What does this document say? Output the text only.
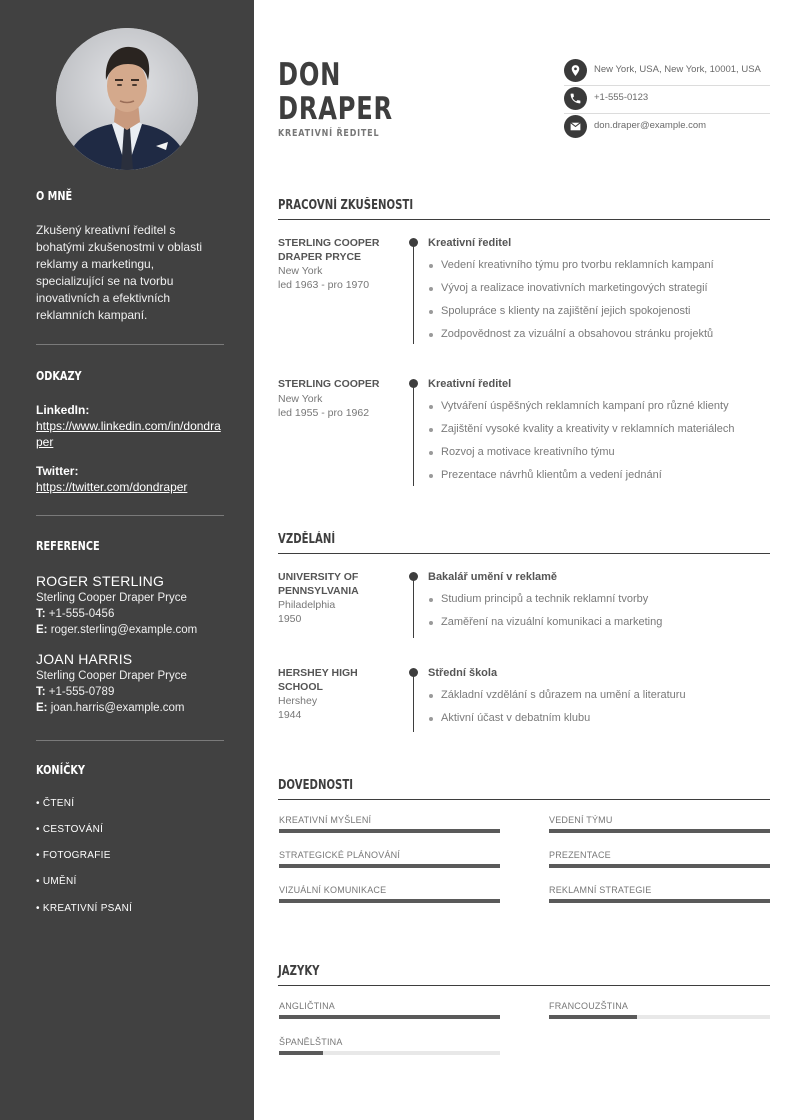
O MNĚ
Zkušený kreativní ředitel s bohatými zkušenostmi v oblasti reklamy a marketingu, specializující se na tvorbu inovativních a efektivních reklamních kampaní.
ODKAZY
LinkedIn:
https://www.linkedin.com/in/dondraper
Twitter:
https://twitter.com/dondraper
REFERENCE
ROGER STERLING
Sterling Cooper Draper Pryce
T: +1-555-0456
E: roger.sterling@example.com
JOAN HARRIS
Sterling Cooper Draper Pryce
T: +1-555-0789
E: joan.harris@example.com
KONÍČKY
• ČTENÍ
• CESTOVÁNÍ
• FOTOGRAFIE
• UMĚNÍ
• KREATIVNÍ PSANÍ
DON
DRAPER
KREATIVNÍ ŘEDITEL
New York, USA, New York, 10001, USA
+1-555-0123
don.draper@example.com
PRACOVNÍ ZKUŠENOSTI
STERLING COOPER DRAPER PRYCE
New York
led 1963 - pro 1970
Kreativní ředitel
Vedení kreativního týmu pro tvorbu reklamních kampaní
Vývoj a realizace inovativních marketingových strategií
Spolupráce s klienty na zajištění jejich spokojenosti
Zodpovědnost za vizuální a obsahovou stránku projektů
STERLING COOPER
New York
led 1955 - pro 1962
Kreativní ředitel
Vytváření úspěšných reklamních kampaní pro různé klienty
Zajištění vysoké kvality a kreativity v reklamních materiálech
Rozvoj a motivace kreativního týmu
Prezentace návrhů klientům a vedení jednání
VZDĚLÁNÍ
UNIVERSITY OF PENNSYLVANIA
Philadelphia
1950
Bakalář umění v reklamě
Studium principů a technik reklamní tvorby
Zaměření na vizuální komunikaci a marketing
HERSHEY HIGH SCHOOL
Hershey
1944
Střední škola
Základní vzdělání s důrazem na umění a literaturu
Aktivní účast v debatním klubu
DOVEDNOSTI
KREATIVNÍ MYŠLENÍ	VEDENÍ TÝMU
STRATEGICKÉ PLÁNOVÁNÍ	PREZENTACE
VIZUÁLNÍ KOMUNIKACE	REKLAMNÍ STRATEGIE
JAZYKY
ANGLIČTINA	FRANCOUZŠTINA
ŠPANĚLŠTINA
